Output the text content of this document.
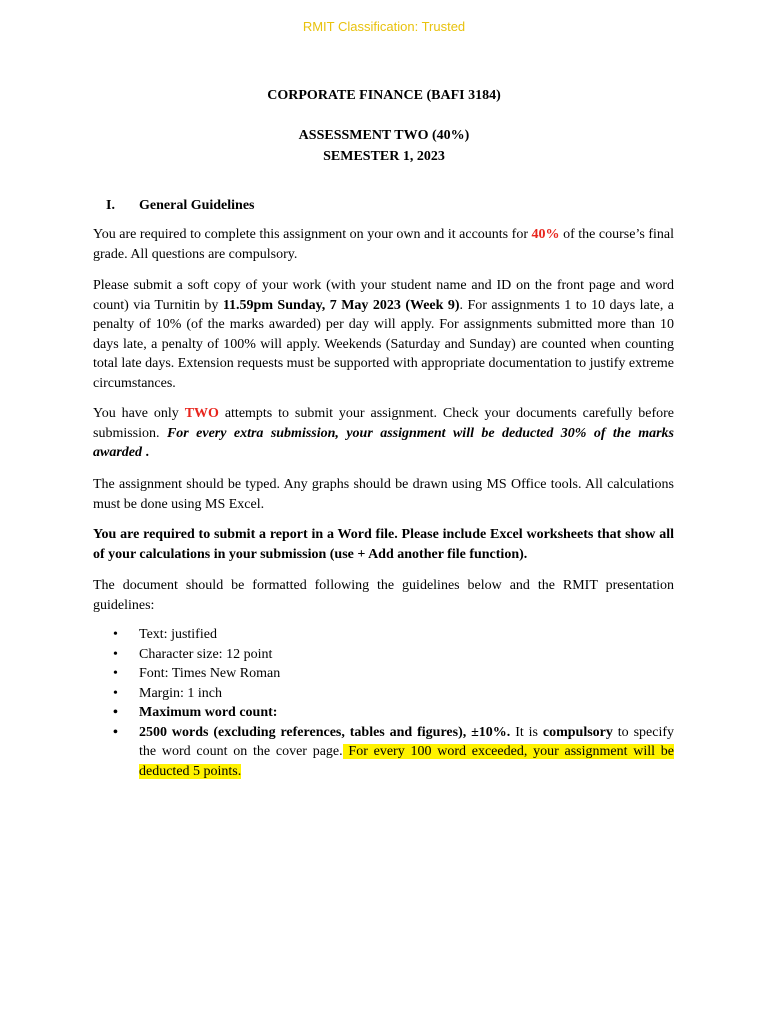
RMIT Classification: Trusted
CORPORATE FINANCE (BAFI 3184)
ASSESSMENT TWO (40%)
SEMESTER 1, 2023
I. General Guidelines
You are required to complete this assignment on your own and it accounts for 40% of the course’s final grade. All questions are compulsory.
Please submit a soft copy of your work (with your student name and ID on the front page and word count) via Turnitin by 11.59pm Sunday, 7 May 2023 (Week 9). For assignments 1 to 10 days late, a penalty of 10% (of the marks awarded) per day will apply. For assignments submitted more than 10 days late, a penalty of 100% will apply. Weekends (Saturday and Sunday) are counted when counting total late days. Extension requests must be supported with appropriate documentation to justify extreme circumstances.
You have only TWO attempts to submit your assignment. Check your documents carefully before submission. For every extra submission, your assignment will be deducted 30% of the marks awarded .
The assignment should be typed. Any graphs should be drawn using MS Office tools. All calculations must be done using MS Excel.
You are required to submit a report in a Word file. Please include Excel worksheets that show all of your calculations in your submission (use + Add another file function).
The document should be formatted following the guidelines below and the RMIT presentation guidelines:
• Text: justified
• Character size: 12 point
• Font: Times New Roman
• Margin: 1 inch
• Maximum word count:
• 2500 words (excluding references, tables and figures), ±10%. It is compulsory to specify the word count on the cover page. For every 100 word exceeded, your assignment will be deducted 5 points.
